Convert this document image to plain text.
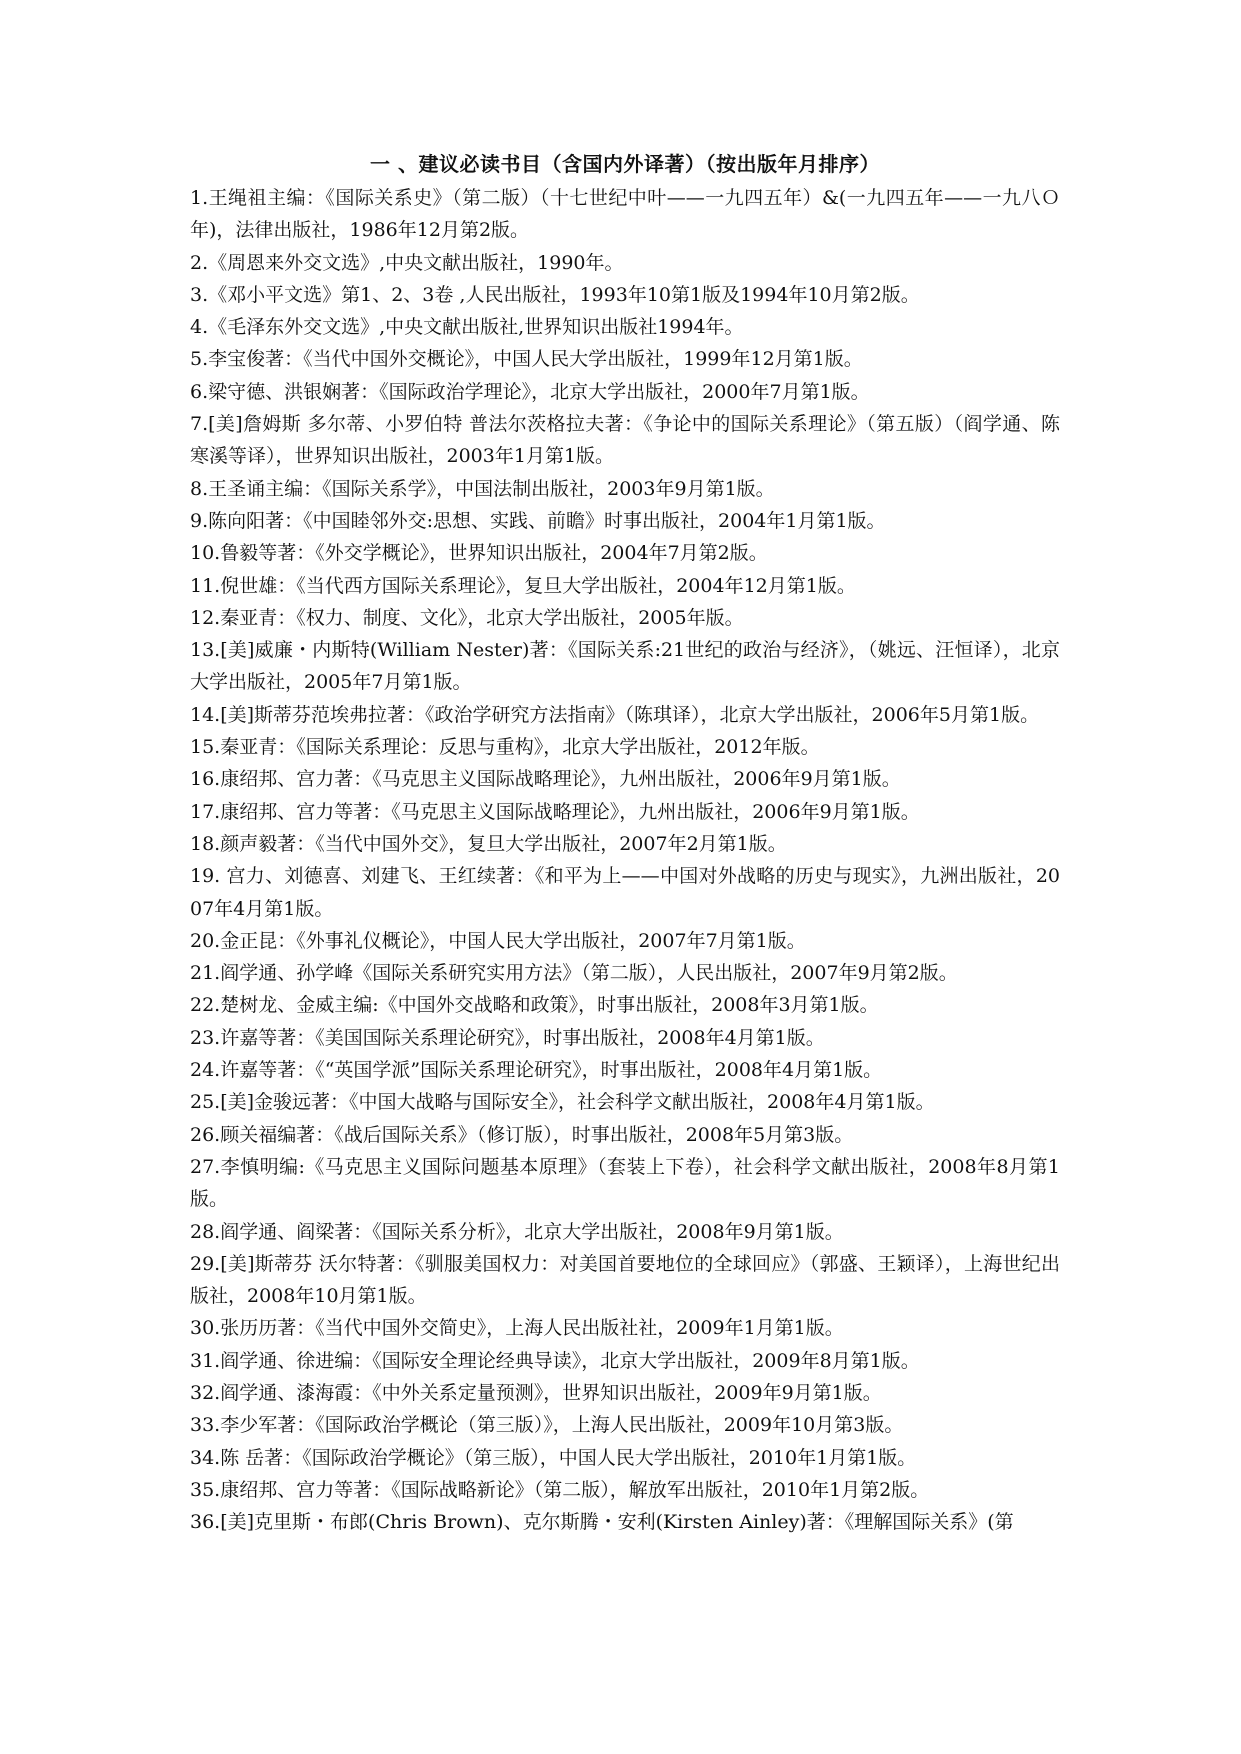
一 、建议必读书目（含国内外译著）（按出版年月排序）
1.王绳祖主编：《国际关系史》（第二版）（十七世纪中叶——一九四五年）&(一九四五年——一九八Ｏ年)，法律出版社，1986年12月第2版。
2.《周恩来外交文选》,中央文献出版社，1990年。
3.《邓小平文选》第1、2、3卷 ,人民出版社，1993年10第1版及1994年10月第2版。
4.《毛泽东外交文选》,中央文献出版社,世界知识出版社1994年。
5.李宝俊著：《当代中国外交概论》，中国人民大学出版社，1999年12月第1版。
6.梁守德、洪银娴著：《国际政治学理论》，北京大学出版社，2000年7月第1版。
7.[美]詹姆斯 多尔蒂、小罗伯特 普法尔茨格拉夫著：《争论中的国际关系理论》（第五版）（阎学通、陈寒溪等译），世界知识出版社，2003年1月第1版。
8.王圣诵主编：《国际关系学》，中国法制出版社，2003年9月第1版。
9.陈向阳著：《中国睦邻外交:思想、实践、前瞻》时事出版社，2004年1月第1版。
10.鲁毅等著：《外交学概论》，世界知识出版社，2004年7月第2版。
11.倪世雄：《当代西方国际关系理论》，复旦大学出版社，2004年12月第1版。
12.秦亚青：《权力、制度、文化》，北京大学出版社，2005年版。
13.[美]威廉・内斯特(William Nester)著：《国际关系:21世纪的政治与经济》，（姚远、汪恒译），北京大学出版社，2005年7月第1版。
14.[美]斯蒂芬范埃弗拉著：《政治学研究方法指南》（陈琪译），北京大学出版社，2006年5月第1版。
15.秦亚青：《国际关系理论：反思与重构》，北京大学出版社，2012年版。
16.康绍邦、宫力著：《马克思主义国际战略理论》，九州出版社，2006年9月第1版。
17.康绍邦、宫力等著：《马克思主义国际战略理论》，九州出版社，2006年9月第1版。
18.颜声毅著：《当代中国外交》，复旦大学出版社，2007年2月第1版。
19. 宫力、刘德喜、刘建飞、王红续著：《和平为上——中国对外战略的历史与现实》，九洲出版社，2007年4月第1版。
20.金正昆：《外事礼仪概论》，中国人民大学出版社，2007年7月第1版。
21.阎学通、孙学峰《国际关系研究实用方法》（第二版），人民出版社，2007年9月第2版。
22.楚树龙、金威主编:《中国外交战略和政策》，时事出版社，2008年3月第1版。
23.许嘉等著：《美国国际关系理论研究》，时事出版社，2008年4月第1版。
24.许嘉等著：《“英国学派”国际关系理论研究》，时事出版社，2008年4月第1版。
25.[美]金骏远著：《中国大战略与国际安全》，社会科学文献出版社，2008年4月第1版。
26.顾关福编著：《战后国际关系》（修订版），时事出版社，2008年5月第3版。
27.李慎明编:《马克思主义国际问题基本原理》（套装上下卷），社会科学文献出版社，2008年8月第1版。
28.阎学通、阎梁著：《国际关系分析》，北京大学出版社，2008年9月第1版。
29.[美]斯蒂芬 沃尔特著：《驯服美国权力：对美国首要地位的全球回应》（郭盛、王颖译），上海世纪出版社，2008年10月第1版。
30.张历历著：《当代中国外交简史》，上海人民出版社社，2009年1月第1版。
31.阎学通、徐进编：《国际安全理论经典导读》，北京大学出版社，2009年8月第1版。
32.阎学通、漆海霞：《中外关系定量预测》，世界知识出版社，2009年9月第1版。
33.李少军著：《国际政治学概论（第三版）》，上海人民出版社，2009年10月第3版。
34.陈 岳著：《国际政治学概论》（第三版），中国人民大学出版社，2010年1月第1版。
35.康绍邦、宫力等著：《国际战略新论》（第二版），解放军出版社，2010年1月第2版。
36.[美]克里斯・布郎(Chris Brown)、克尔斯腾・安利(Kirsten Ainley)著：《理解国际关系》(第
